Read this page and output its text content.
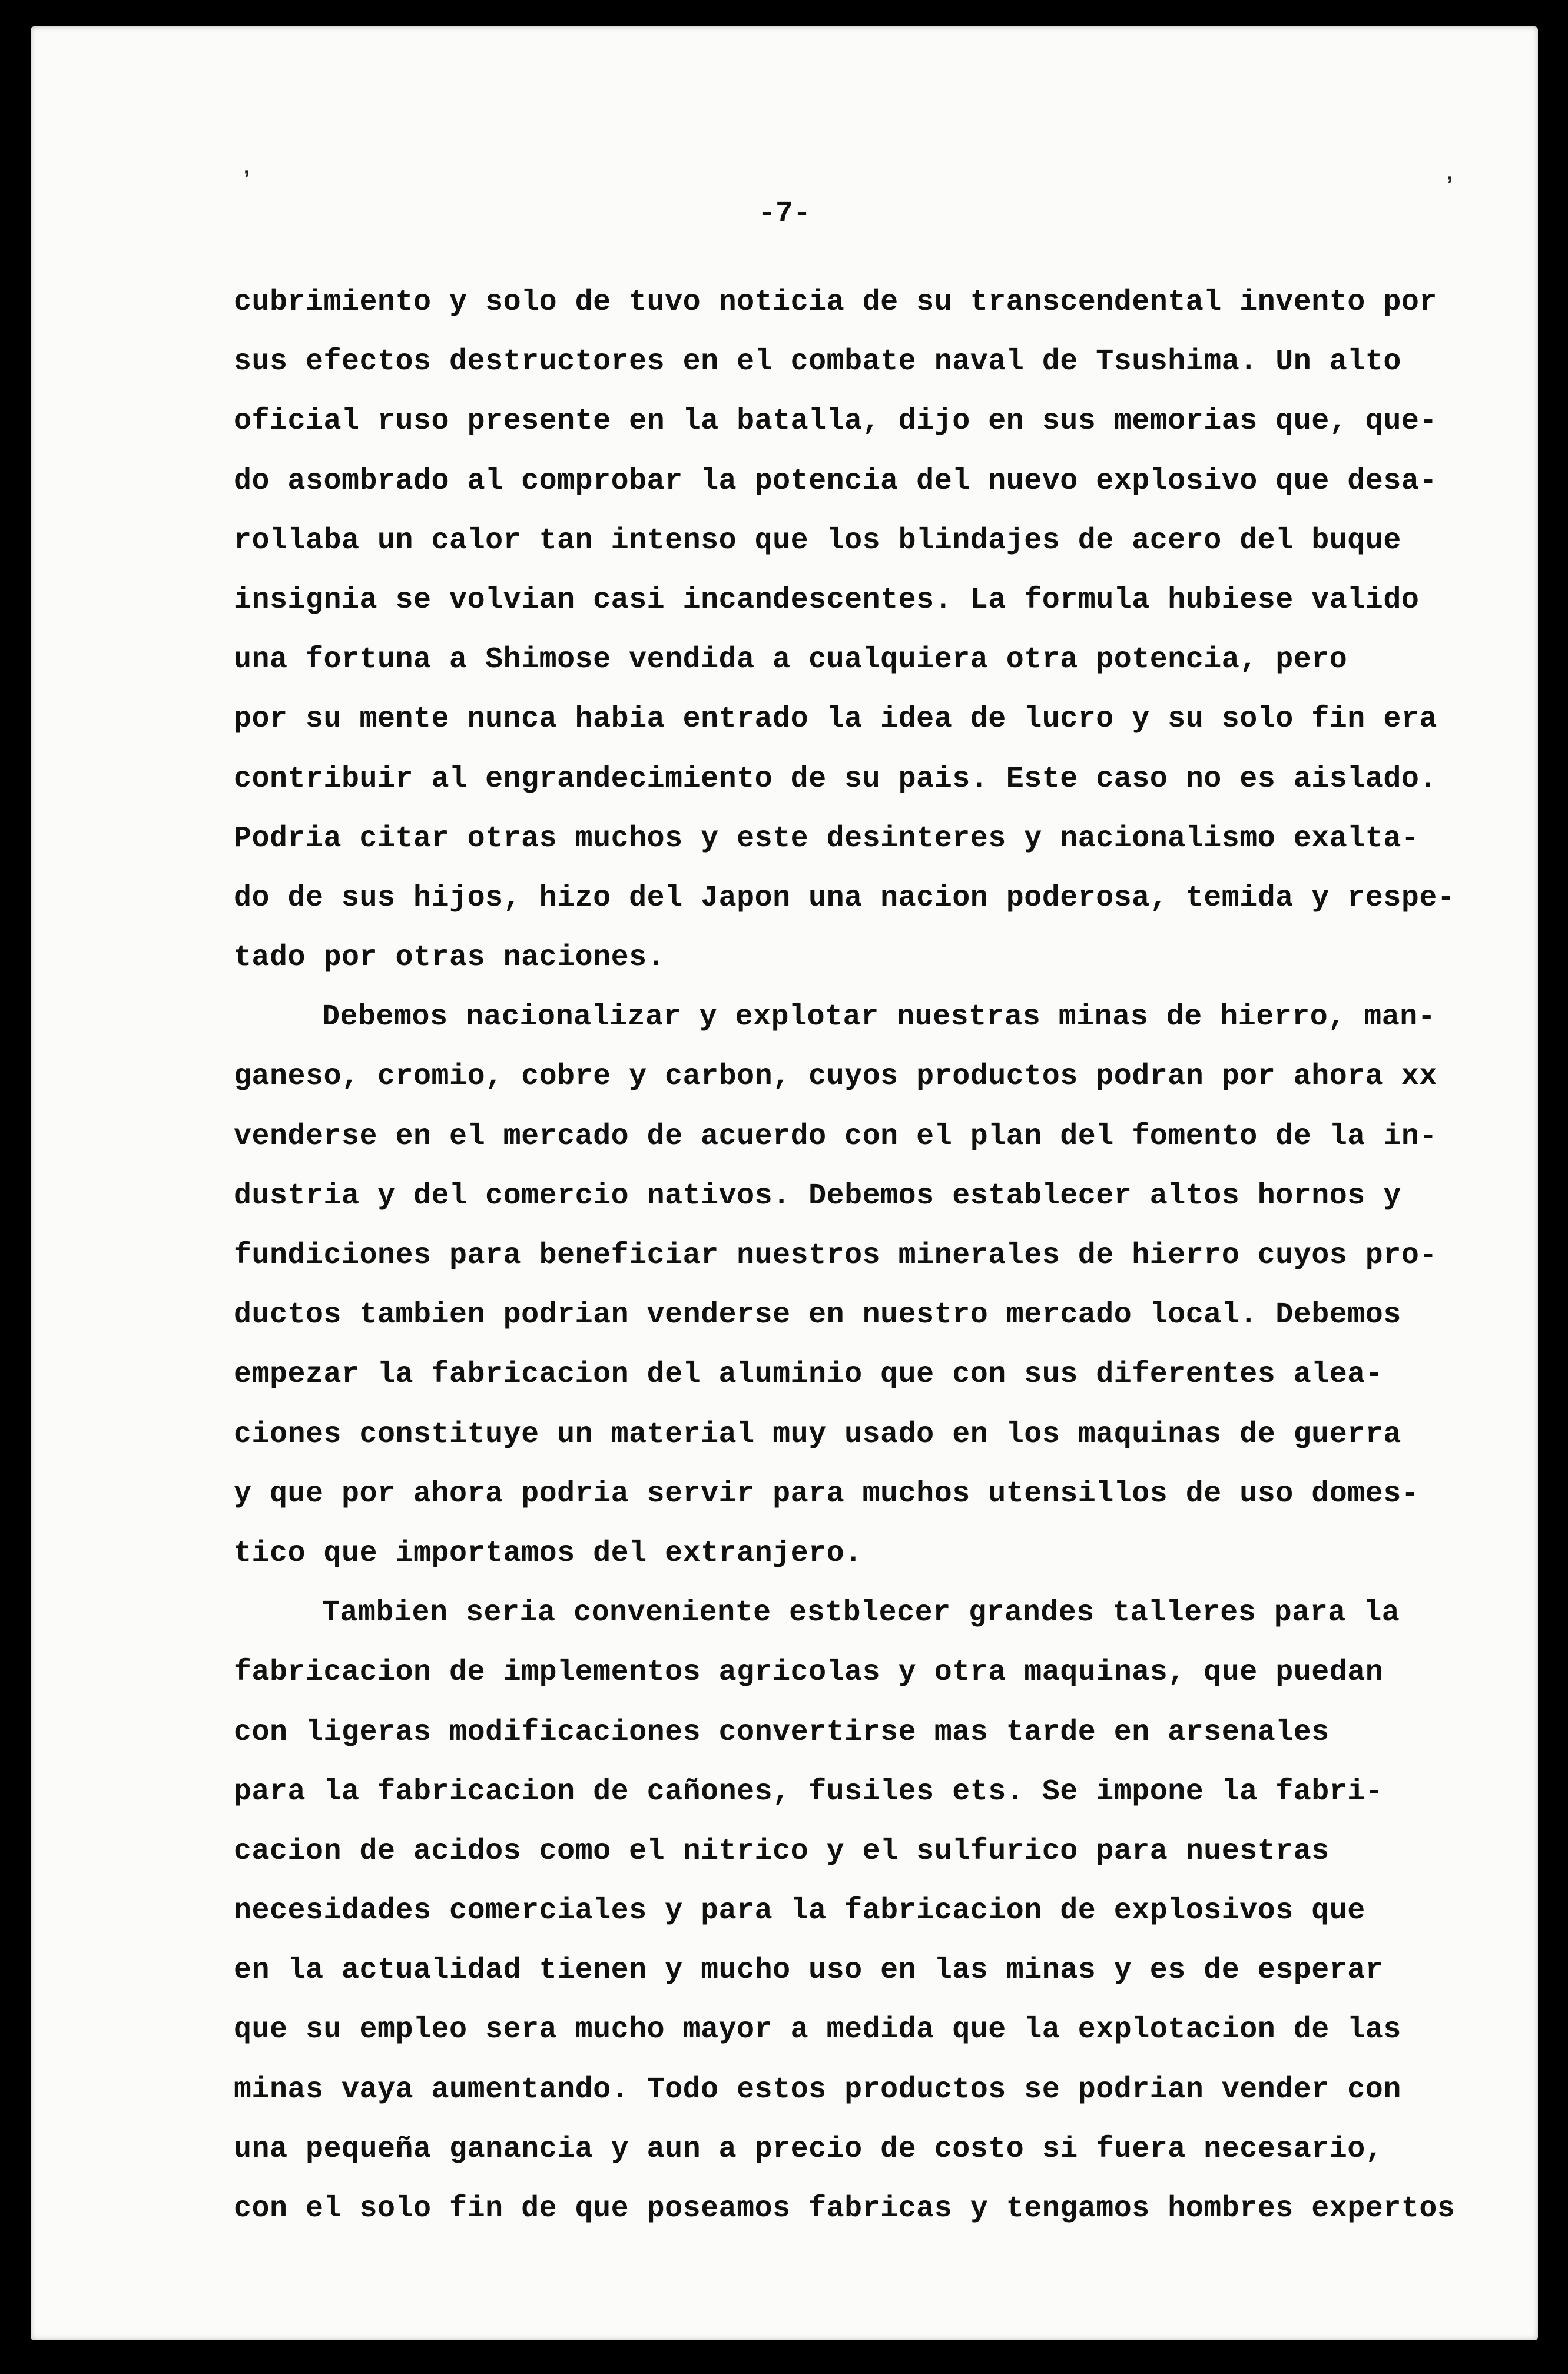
ʼ	ʼ
-7-
cubrimiento y solo de tuvo noticia de su transcendental invento por
sus efectos destructores en el combate naval de Tsushima. Un alto
oficial ruso presente en la batalla, dijo en sus memorias que, que-
do asombrado al comprobar la potencia del nuevo explosivo que desa-
rollaba un calor tan intenso que los blindajes de acero del buque
insignia se volvian casi incandescentes. La formula hubiese valido
una fortuna a Shimose vendida a cualquiera otra potencia, pero
por su mente nunca habia entrado la idea de lucro y su solo fin era
contribuir al engrandecimiento de su pais. Este caso no es aislado.
Podria citar otras muchos y este desinteres y nacionalismo exalta-
do de sus hijos, hizo del Japon una nacion poderosa, temida y respe-
tado por otras naciones.
Debemos nacionalizar y explotar nuestras minas de hierro, man-
ganeso, cromio, cobre y carbon, cuyos productos podran por ahora xx
venderse en el mercado de acuerdo con el plan del fomento de la in-
dustria y del comercio nativos. Debemos establecer altos hornos y
fundiciones para beneficiar nuestros minerales de hierro cuyos pro-
ductos tambien podrian venderse en nuestro mercado local. Debemos
empezar la fabricacion del aluminio que con sus diferentes alea-
ciones constituye un material muy usado en los maquinas de guerra
y que por ahora podria servir para muchos utensillos de uso domes-
tico que importamos del extranjero.
Tambien seria conveniente estblecer grandes talleres para la
fabricacion de implementos agricolas y otra maquinas, que puedan
con ligeras modificaciones convertirse mas tarde en arsenales
para la fabricacion de cañones, fusiles ets. Se impone la fabri-
cacion de acidos como el nitrico y el sulfurico para nuestras
necesidades comerciales y para la fabricacion de explosivos que
en la actualidad tienen y mucho uso en las minas y es de esperar
que su empleo sera mucho mayor a medida que la explotacion de las
minas vaya aumentando. Todo estos productos se podrian vender con
una pequeña ganancia y aun a precio de costo si fuera necesario,
con el solo fin de que poseamos fabricas y tengamos hombres expertos
